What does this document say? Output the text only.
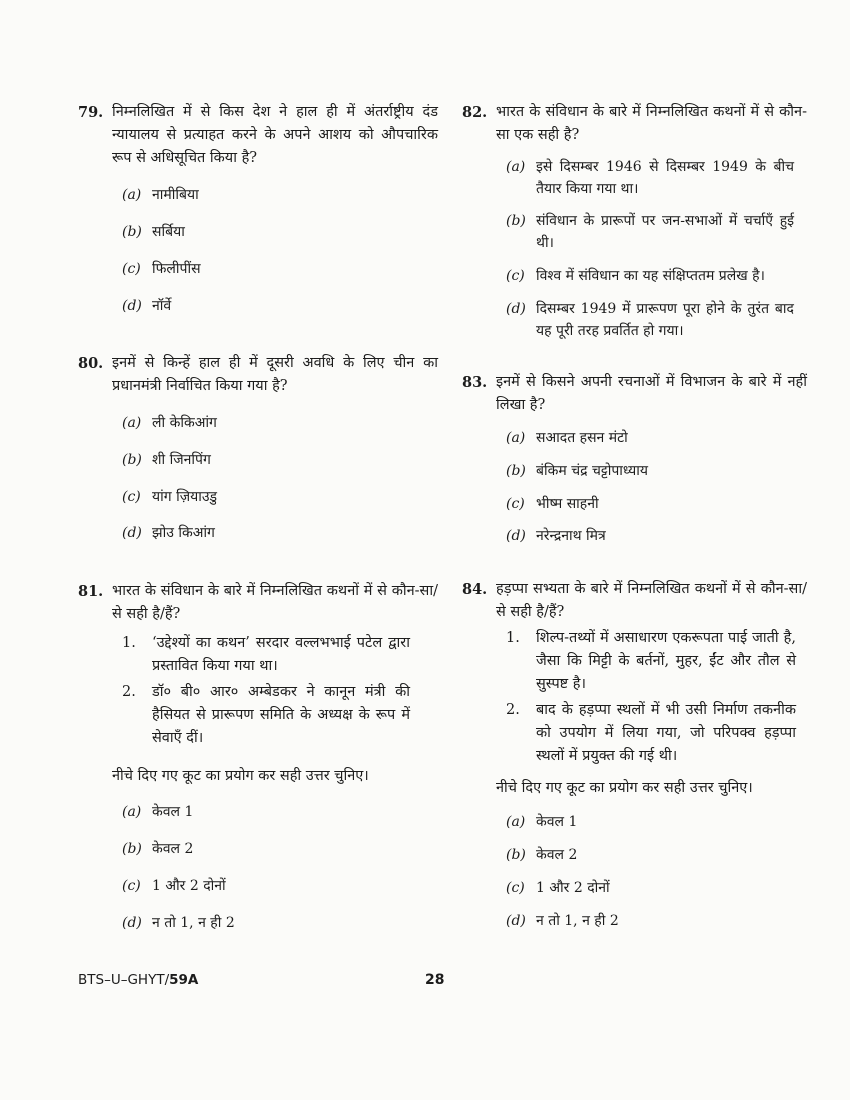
79. निम्नलिखित में से किस देश ने हाल ही में अंतर्राष्ट्रीय दंड न्यायालय से प्रत्याहत करने के अपने आशय को औपचारिक रूप से अधिसूचित किया है?
(a) नामीबिया
(b) सर्बिया
(c) फिलीपींस
(d) नॉर्वे
80. इनमें से किन्हें हाल ही में दूसरी अवधि के लिए चीन का प्रधानमंत्री निर्वाचित किया गया है?
(a) ली केकिआंग
(b) शी जिनपिंग
(c) यांग ज़ियाउडु
(d) झोउ किआंग
81. भारत के संविधान के बारे में निम्नलिखित कथनों में से कौन-सा/से सही है/हैं?
1. ‘उद्देश्यों का कथन’ सरदार वल्लभभाई पटेल द्वारा प्रस्तावित किया गया था।
2. डॉ० बी० आर० अम्बेडकर ने कानून मंत्री की हैसियत से प्रारूपण समिति के अध्यक्ष के रूप में सेवाएँ दीं।
नीचे दिए गए कूट का प्रयोग कर सही उत्तर चुनिए।
(a) केवल 1
(b) केवल 2
(c) 1 और 2 दोनों
(d) न तो 1, न ही 2
82. भारत के संविधान के बारे में निम्नलिखित कथनों में से कौन-सा एक सही है?
(a) इसे दिसम्बर 1946 से दिसम्बर 1949 के बीच तैयार किया गया था।
(b) संविधान के प्रारूपों पर जन-सभाओं में चर्चाएँ हुई थी।
(c) विश्व में संविधान का यह संक्षिप्ततम प्रलेख है।
(d) दिसम्बर 1949 में प्रारूपण पूरा होने के तुरंत बाद यह पूरी तरह प्रवर्तित हो गया।
83. इनमें से किसने अपनी रचनाओं में विभाजन के बारे में नहीं लिखा है?
(a) सआदत हसन मंटो
(b) बंकिम चंद्र चट्टोपाध्याय
(c) भीष्म साहनी
(d) नरेन्द्रनाथ मित्र
84. हड़प्पा सभ्यता के बारे में निम्नलिखित कथनों में से कौन-सा/से सही है/हैं?
1. शिल्प-तथ्यों में असाधारण एकरूपता पाई जाती है, जैसा कि मिट्टी के बर्तनों, मुहर, ईंट और तौल से सुस्पष्ट है।
2. बाद के हड़प्पा स्थलों में भी उसी निर्माण तकनीक को उपयोग में लिया गया, जो परिपक्व हड़प्पा स्थलों में प्रयुक्त की गई थी।
नीचे दिए गए कूट का प्रयोग कर सही उत्तर चुनिए।
(a) केवल 1
(b) केवल 2
(c) 1 और 2 दोनों
(d) न तो 1, न ही 2
BTS–U–GHYT/59A	28
